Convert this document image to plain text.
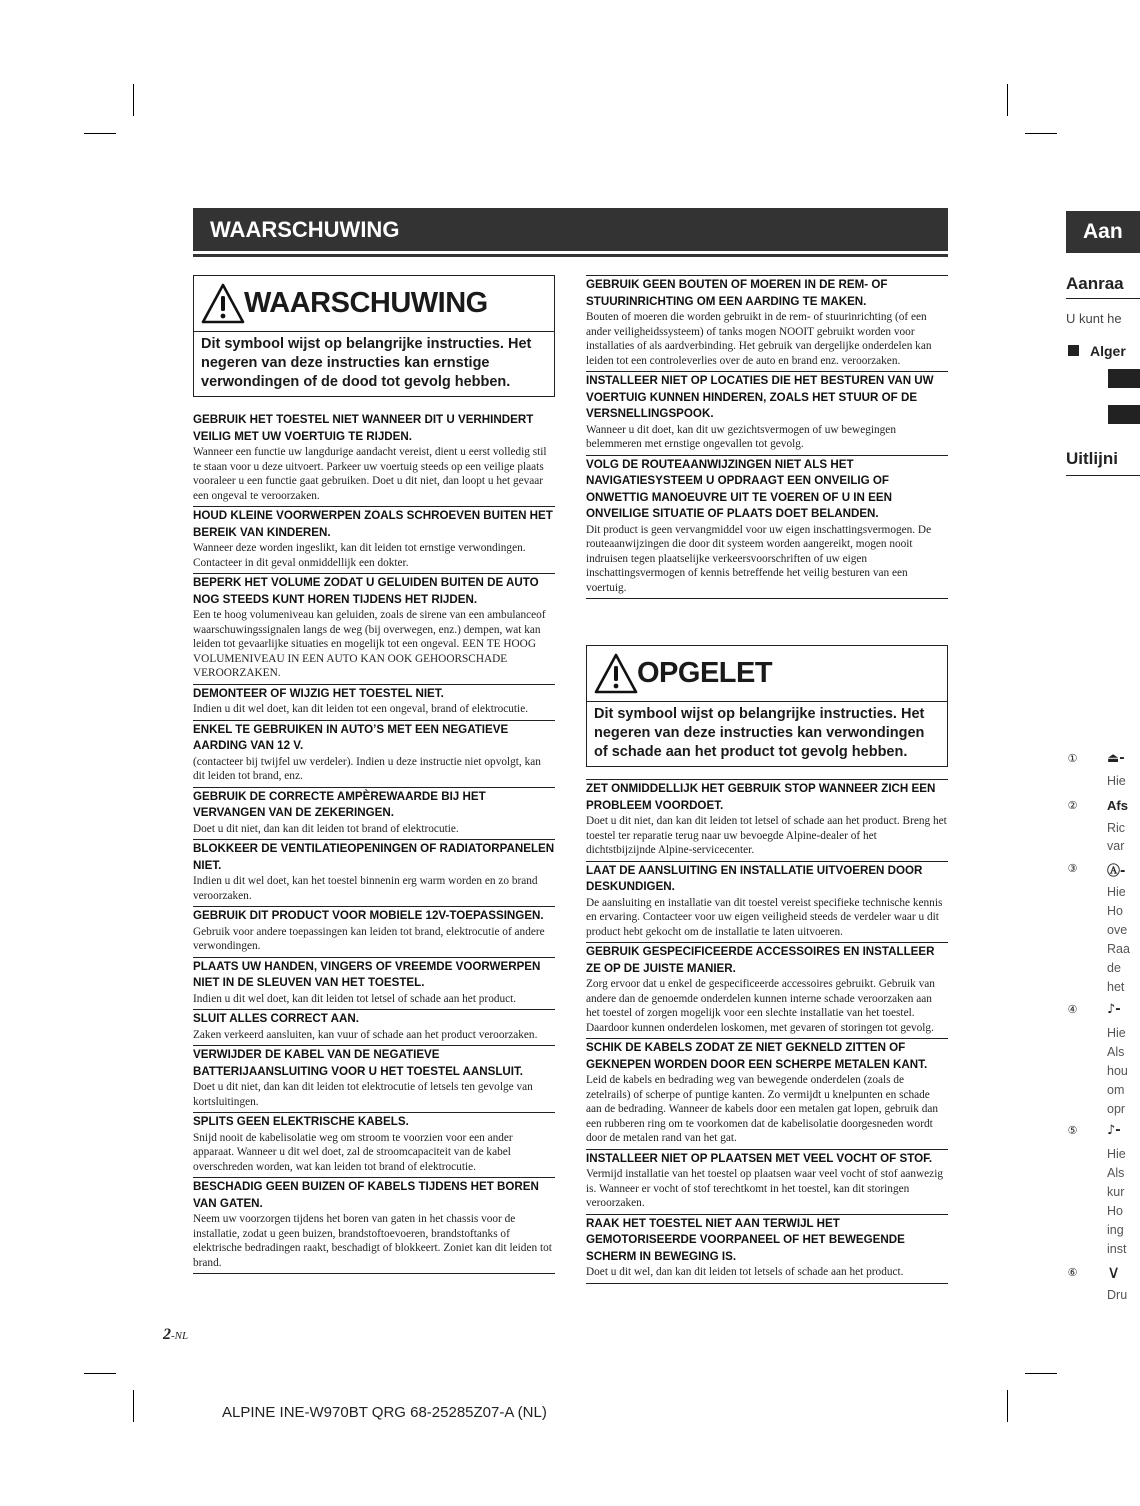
WAARSCHUWING
WAARSCHUWING
Dit symbool wijst op belangrijke instructies. Het negeren van deze instructies kan ernstige verwondingen of de dood tot gevolg hebben.
GEBRUIK HET TOESTEL NIET WANNEER DIT U VERHINDERT VEILIG MET UW VOERTUIG TE RIJDEN.
Wanneer een functie uw langdurige aandacht vereist, dient u eerst volledig stil te staan voor u deze uitvoert. Parkeer uw voertuig steeds op een veilige plaats vooraleer u een functie gaat gebruiken. Doet u dit niet, dan loopt u het gevaar een ongeval te veroorzaken.
HOUD KLEINE VOORWERPEN ZOALS SCHROEVEN BUITEN HET BEREIK VAN KINDEREN.
Wanneer deze worden ingeslikt, kan dit leiden tot ernstige verwondingen. Contacteer in dit geval onmiddellijk een dokter.
BEPERK HET VOLUME ZODAT U GELUIDEN BUITEN DE AUTO NOG STEEDS KUNT HOREN TIJDENS HET RIJDEN.
Een te hoog volumeniveau kan geluiden, zoals de sirene van een ambulanceof waarschuwingssignalen langs de weg (bij overwegen, enz.) dempen, wat kan leiden tot gevaarlijke situaties en mogelijk tot een ongeval. EEN TE HOOG VOLUMENIVEAU IN EEN AUTO KAN OOK GEHOORSCHADE VEROORZAKEN.
DEMONTEER OF WIJZIG HET TOESTEL NIET.
Indien u dit wel doet, kan dit leiden tot een ongeval, brand of elektrocutie.
ENKEL TE GEBRUIKEN IN AUTO’S MET EEN NEGATIEVE AARDING VAN 12 V.
(contacteer bij twijfel uw verdeler). Indien u deze instructie niet opvolgt, kan dit leiden tot brand, enz.
GEBRUIK DE CORRECTE AMPÈREWAARDE BIJ HET VERVANGEN VAN DE ZEKERINGEN.
Doet u dit niet, dan kan dit leiden tot brand of elektrocutie.
BLOKKEER DE VENTILATIEOPENINGEN OF RADIATORPANELEN NIET.
Indien u dit wel doet, kan het toestel binnenin erg warm worden en zo brand veroorzaken.
GEBRUIK DIT PRODUCT VOOR MOBIELE 12V-TOEPASSINGEN.
Gebruik voor andere toepassingen kan leiden tot brand, elektrocutie of andere verwondingen.
PLAATS UW HANDEN, VINGERS OF VREEMDE VOORWERPEN NIET IN DE SLEUVEN VAN HET TOESTEL.
Indien u dit wel doet, kan dit leiden tot letsel of schade aan het product.
SLUIT ALLES CORRECT AAN.
Zaken verkeerd aansluiten, kan vuur of schade aan het product veroorzaken.
VERWIJDER DE KABEL VAN DE NEGATIEVE BATTERIJAANSLUITING VOOR U HET TOESTEL AANSLUIT.
Doet u dit niet, dan kan dit leiden tot elektrocutie of letsels ten gevolge van kortsluitingen.
SPLITS GEEN ELEKTRISCHE KABELS.
Snijd nooit de kabelisolatie weg om stroom te voorzien voor een ander apparaat. Wanneer u dit wel doet, zal de stroomcapaciteit van de kabel overschreden worden, wat kan leiden tot brand of elektrocutie.
BESCHADIG GEEN BUIZEN OF KABELS TIJDENS HET BOREN VAN GATEN.
Neem uw voorzorgen tijdens het boren van gaten in het chassis voor de installatie, zodat u geen buizen, brandstoftoevoeren, brandstoftanks of elektrische bedradingen raakt, beschadigt of blokkeert. Zoniet kan dit leiden tot brand.
GEBRUIK GEEN BOUTEN OF MOEREN IN DE REM- OF STUURINRICHTING OM EEN AARDING TE MAKEN.
Bouten of moeren die worden gebruikt in de rem- of stuurinrichting (of een ander veiligheidssysteem) of tanks mogen NOOIT gebruikt worden voor installaties of als aardverbinding. Het gebruik van dergelijke onderdelen kan leiden tot een controleverlies over de auto en brand enz. veroorzaken.
INSTALLEER NIET OP LOCATIES DIE HET BESTUREN VAN UW VOERTUIG KUNNEN HINDEREN, ZOALS HET STUUR OF DE VERSNELLINGSPOOK.
Wanneer u dit doet, kan dit uw gezichtsvermogen of uw bewegingen belemmeren met ernstige ongevallen tot gevolg.
VOLG DE ROUTEAANWIJZINGEN NIET ALS HET NAVIGATIESYSTEEM U OPDRAAGT EEN ONVEILIG OF ONWETTIG MANOEUVRE UIT TE VOEREN OF U IN EEN ONVEILIGE SITUATIE OF PLAATS DOET BELANDEN.
Dit product is geen vervangmiddel voor uw eigen inschattingsvermogen. De routeaanwijzingen die door dit systeem worden aangereikt, mogen nooit indruisen tegen plaatselijke verkeersvoorschriften of uw eigen inschattingsvermogen of kennis betreffende het veilig besturen van een voertuig.
OPGELET
Dit symbool wijst op belangrijke instructies. Het negeren van deze instructies kan verwondingen of schade aan het product tot gevolg hebben.
ZET ONMIDDELLIJK HET GEBRUIK STOP WANNEER ZICH EEN PROBLEEM VOORDOET.
Doet u dit niet, dan kan dit leiden tot letsel of schade aan het product. Breng het toestel ter reparatie terug naar uw bevoegde Alpine-dealer of het dichtstbijzijnde Alpine-servicecenter.
LAAT DE AANSLUITING EN INSTALLATIE UITVOEREN DOOR DESKUNDIGEN.
De aansluiting en installatie van dit toestel vereist specifieke technische kennis en ervaring. Contacteer voor uw eigen veiligheid steeds de verdeler waar u dit product hebt gekocht om de installatie te laten uitvoeren.
GEBRUIK GESPECIFICEERDE ACCESSOIRES EN INSTALLEER ZE OP DE JUISTE MANIER.
Zorg ervoor dat u enkel de gespecificeerde accessoires gebruikt. Gebruik van andere dan de genoemde onderdelen kunnen interne schade veroorzaken aan het toestel of zorgen mogelijk voor een slechte installatie van het toestel. Daardoor kunnen onderdelen loskomen, met gevaren of storingen tot gevolg.
SCHIK DE KABELS ZODAT ZE NIET GEKNELD ZITTEN OF GEKNEPEN WORDEN DOOR EEN SCHERPE METALEN KANT.
Leid de kabels en bedrading weg van bewegende onderdelen (zoals de zetelrails) of scherpe of puntige kanten. Zo vermijdt u knelpunten en schade aan de bedrading. Wanneer de kabels door een metalen gat lopen, gebruik dan een rubberen ring om te voorkomen dat de kabelisolatie doorgesneden wordt door de metalen rand van het gat.
INSTALLEER NIET OP PLAATSEN MET VEEL VOCHT OF STOF.
Vermijd installatie van het toestel op plaatsen waar veel vocht of stof aanwezig is. Wanneer er vocht of stof terechtkomt in het toestel, kan dit storingen veroorzaken.
RAAK HET TOESTEL NIET AAN TERWIJL HET GEMOTORISEERDE VOORPANEEL OF HET BEWEGENDE SCHERM IN BEWEGING IS.
Doet u dit wel, dan kan dit leiden tot letsels of schade aan het product.
2-NL
ALPINE INE-W970BT QRG 68-25285Z07-A (NL)
Aan
Aanraa
U kunt he
Alger
Uitlijni
①
②
③
④
⑤
⑥
⏏-
Afs
Ⓐ-
♪-
♪-
∨
Hie
Ric
var
Hie
Ho
ove
Raa
de
het
Hie
Als
hou
om
opr
Hie
Als
kur
Ho
ing
inst
Dru
